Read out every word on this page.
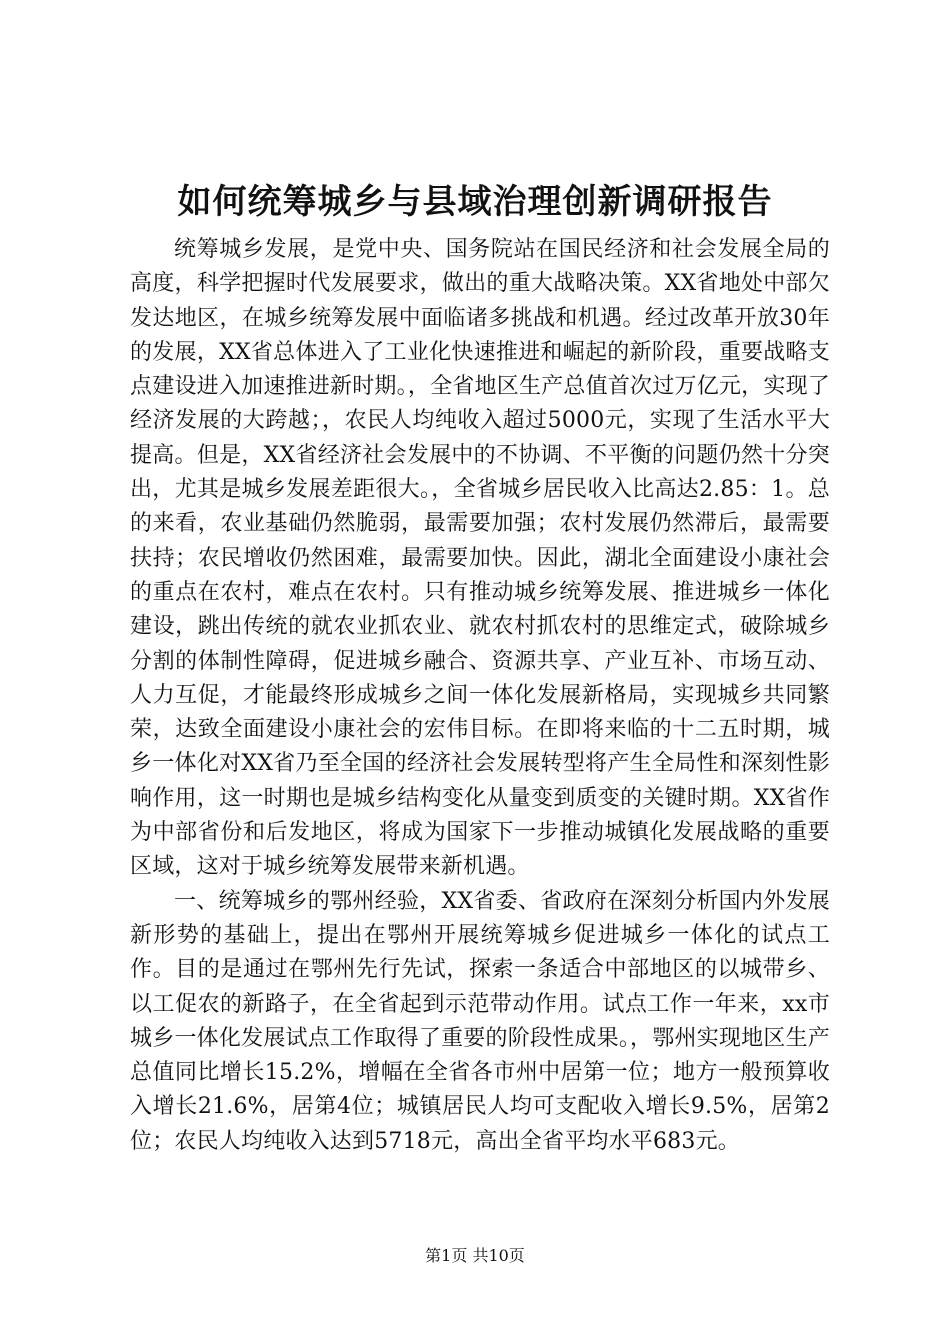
如何统筹城乡与县域治理创新调研报告

统筹城乡发展，是党中央、国务院站在国民经济和社会发展全局的高度，科学把握时代发展要求，做出的重大战略决策。XX省地处中部欠发达地区，在城乡统筹发展中面临诸多挑战和机遇。经过改革开放30年的发展，XX省总体进入了工业化快速推进和崛起的新阶段，重要战略支点建设进入加速推进新时期。，全省地区生产总值首次过万亿元，实现了经济发展的大跨越；，农民人均纯收入超过5000元，实现了生活水平大提高。但是，XX省经济社会发展中的不协调、不平衡的问题仍然十分突出，尤其是城乡发展差距很大。，全省城乡居民收入比高达2.85：1。总的来看，农业基础仍然脆弱，最需要加强；农村发展仍然滞后，最需要扶持；农民增收仍然困难，最需要加快。因此，湖北全面建设小康社会的重点在农村，难点在农村。只有推动城乡统筹发展、推进城乡一体化建设，跳出传统的就农业抓农业、就农村抓农村的思维定式，破除城乡分割的体制性障碍，促进城乡融合、资源共享、产业互补、市场互动、人力互促，才能最终形成城乡之间一体化发展新格局，实现城乡共同繁荣，达致全面建设小康社会的宏伟目标。在即将来临的十二五时期，城乡一体化对XX省乃至全国的经济社会发展转型将产生全局性和深刻性影响作用，这一时期也是城乡结构变化从量变到质变的关键时期。XX省作为中部省份和后发地区，将成为国家下一步推动城镇化发展战略的重要区域，这对于城乡统筹发展带来新机遇。

一、统筹城乡的鄂州经验，XX省委、省政府在深刻分析国内外发展新形势的基础上，提出在鄂州开展统筹城乡促进城乡一体化的试点工作。目的是通过在鄂州先行先试，探索一条适合中部地区的以城带乡、以工促农的新路子，在全省起到示范带动作用。试点工作一年来，xx市城乡一体化发展试点工作取得了重要的阶段性成果。，鄂州实现地区生产总值同比增长15.2%，增幅在全省各市州中居第一位；地方一般预算收入增长21.6%，居第4位；城镇居民人均可支配收入增长9.5%，居第2位；农民人均纯收入达到5718元，高出全省平均水平683元。

第1页 共10页
